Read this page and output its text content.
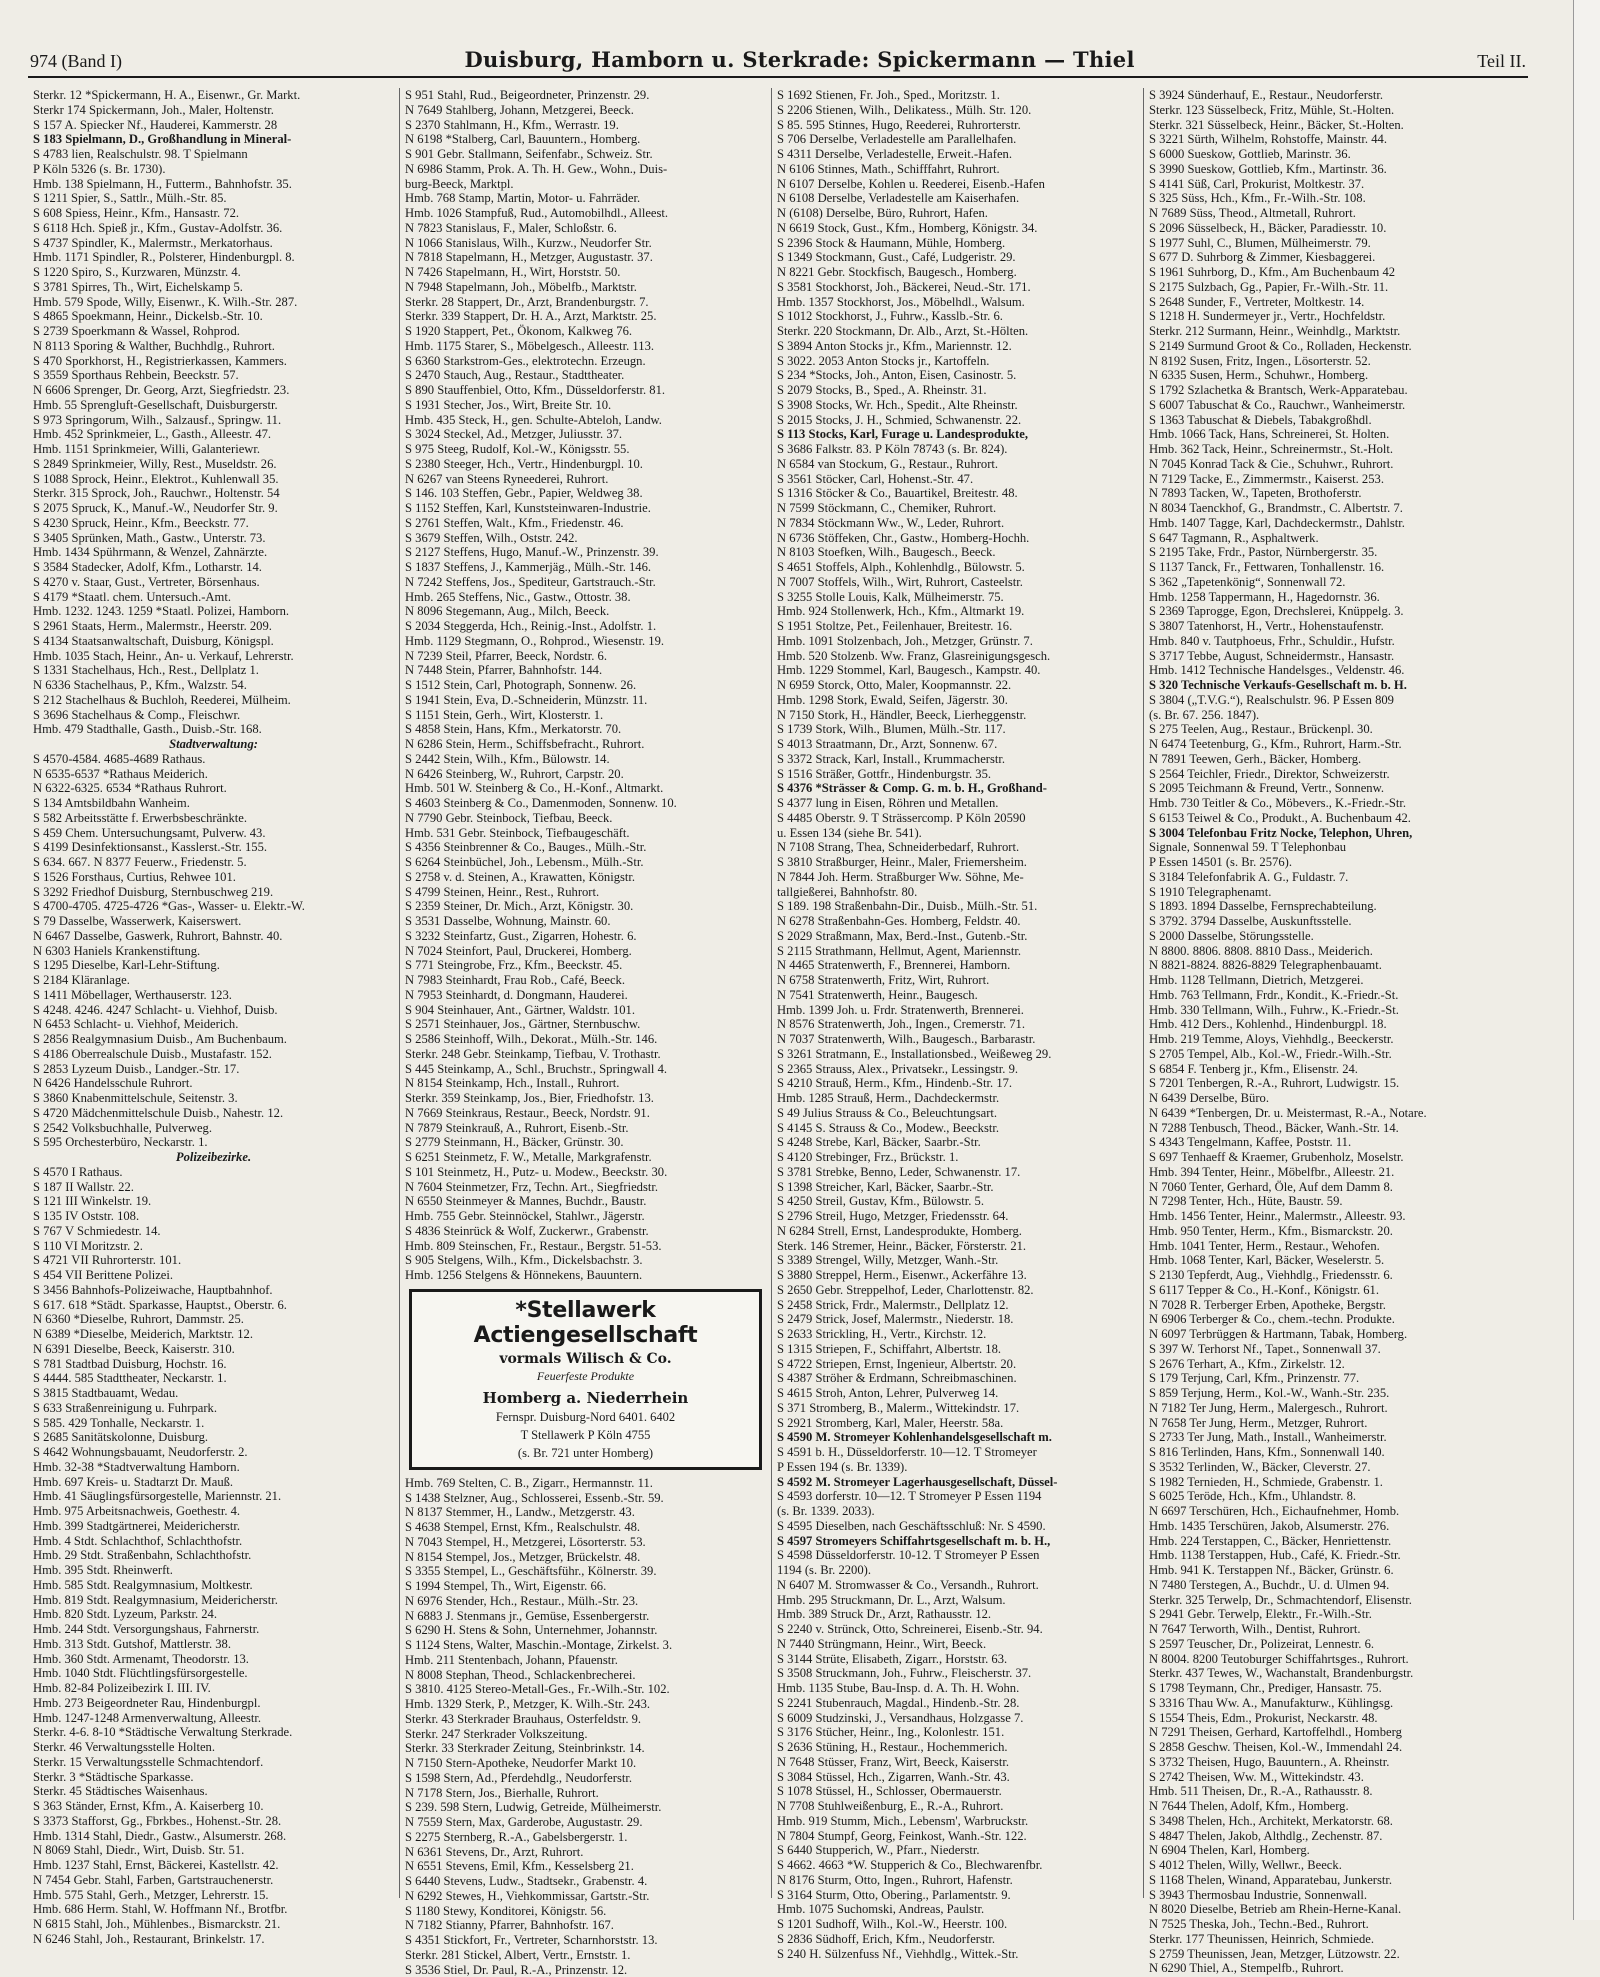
974 (Band I)	Duisburg, Hamborn u. Sterkrade: Spickermann — Thiel	Teil II.
Sterkr. 12 *Spickermann, H. A., Eisenwr., Gr. Markt.
Sterkr 174 Spickermann, Joh., Maler, Holtenstr.
S 157 A. Spiecker Nf., Hauderei, Kammerstr. 28
S 183 Spielmann, D., Großhandlung in Mineral-
S 4783 lien, Realschulstr. 98. T Spielmann
P Köln 5326 (s. Br. 1730).
Hmb. 138 Spielmann, H., Futterm., Bahnhofstr. 35.
S 1211 Spier, S., Sattlr., Mülh.-Str. 85.
S 608 Spiess, Heinr., Kfm., Hansastr. 72.
S 6118 Hch. Spieß jr., Kfm., Gustav-Adolfstr. 36.
S 4737 Spindler, K., Malermstr., Merkatorhaus.
Hmb. 1171 Spindler, R., Polsterer, Hindenburgpl. 8.
S 1220 Spiro, S., Kurzwaren, Münzstr. 4.
S 3781 Spirres, Th., Wirt, Eichelskamp 5.
Hmb. 579 Spode, Willy, Eisenwr., K. Wilh.-Str. 287.
S 4865 Spoekmann, Heinr., Dickelsb.-Str. 10.
S 2739 Spoerkmann & Wassel, Rohprod.
N 8113 Sporing & Walther, Buchhdlg., Ruhrort.
S 470 Sporkhorst, H., Registrierkassen, Kammers.
S 3559 Sporthaus Rehbein, Beeckstr. 57.
N 6606 Sprenger, Dr. Georg, Arzt, Siegfriedstr. 23.
Hmb. 55 Sprengluft-Gesellschaft, Duisburgerstr.
S 973 Springorum, Wilh., Salzausf., Springw. 11.
Hmb. 452 Sprinkmeier, L., Gasth., Alleestr. 47.
Hmb. 1151 Sprinkmeier, Willi, Galanteriewr.
S 2849 Sprinkmeier, Willy, Rest., Museldstr. 26.
S 1088 Sprock, Heinr., Elektrot., Kuhlenwall 35.
Sterkr. 315 Sprock, Joh., Rauchwr., Holtenstr. 54
S 2075 Spruck, K., Manuf.-W., Neudorfer Str. 9.
S 4230 Spruck, Heinr., Kfm., Beeckstr. 77.
S 3405 Sprünken, Math., Gastw., Unterstr. 73.
Hmb. 1434 Spührmann, & Wenzel, Zahnärzte.
S 3584 Stadecker, Adolf, Kfm., Lotharstr. 14.
S 4270 v. Staar, Gust., Vertreter, Börsenhaus.
S 4179 *Staatl. chem. Untersuch.-Amt.
Hmb. 1232. 1243. 1259 *Staatl. Polizei, Hamborn.
S 2961 Staats, Herm., Malermstr., Heerstr. 209.
S 4134 Staatsanwaltschaft, Duisburg, Königspl.
Hmb. 1035 Stach, Heinr., An- u. Verkauf, Lehrerstr.
S 1331 Stachelhaus, Hch., Rest., Dellplatz 1.
N 6336 Stachelhaus, P., Kfm., Walzstr. 54.
S 212 Stachelhaus & Buchloh, Reederei, Mülheim.
S 3696 Stachelhaus & Comp., Fleischwr.
Hmb. 479 Stadthalle, Gasth., Duisb.-Str. 168.
Stadtverwaltung:
S 4570-4584. 4685-4689 Rathaus.
N 6535-6537 *Rathaus Meiderich.
N 6322-6325. 6534 *Rathaus Ruhrort.
S 134 Amtsbildbahn Wanheim.
S 582 Arbeitsstätte f. Erwerbsbeschränkte.
S 459 Chem. Untersuchungsamt, Pulverw. 43.
S 4199 Desinfektionsanst., Kasslerst.-Str. 155.
S 634. 667. N 8377 Feuerw., Friedenstr. 5.
S 1526 Forsthaus, Curtius, Rehwee 101.
S 3292 Friedhof Duisburg, Sternbuschweg 219.
S 4700-4705. 4725-4726 *Gas-, Wasser- u. Elektr.-W.
S 79 Dasselbe, Wasserwerk, Kaiserswert.
N 6467 Dasselbe, Gaswerk, Ruhrort, Bahnstr. 40.
N 6303 Haniels Krankenstiftung.
S 1295 Dieselbe, Karl-Lehr-Stiftung.
S 2184 Kläranlage.
S 1411 Möbellager, Werthauserstr. 123.
S 4248. 4246. 4247 Schlacht- u. Viehhof, Duisb.
N 6453 Schlacht- u. Viehhof, Meiderich.
S 2856 Realgymnasium Duisb., Am Buchenbaum.
S 4186 Oberrealschule Duisb., Mustafastr. 152.
S 2853 Lyzeum Duisb., Landger.-Str. 17.
N 6426 Handelsschule Ruhrort.
S 3860 Knabenmittelschule, Seitenstr. 3.
S 4720 Mädchenmittelschule Duisb., Nahestr. 12.
S 2542 Volksbuchhalle, Pulverweg.
S 595 Orchesterbüro, Neckarstr. 1.
Polizeibezirke.
S 4570 I Rathaus.
S 187 II Wallstr. 22.
S 121 III Winkelstr. 19.
S 135 IV Oststr. 108.
S 767 V Schmiedestr. 14.
S 110 VI Moritzstr. 2.
S 4721 VII Ruhrorterstr. 101.
S 454 VII Berittene Polizei.
S 3456 Bahnhofs-Polizeiwache, Hauptbahnhof.
S 617. 618 *Städt. Sparkasse, Hauptst., Oberstr. 6.
N 6360 *Dieselbe, Ruhrort, Dammstr. 25.
N 6389 *Dieselbe, Meiderich, Marktstr. 12.
N 6391 Dieselbe, Beeck, Kaiserstr. 310.
S 781 Stadtbad Duisburg, Hochstr. 16.
S 4444. 585 Stadttheater, Neckarstr. 1.
S 3815 Stadtbauamt, Wedau.
S 633 Straßenreinigung u. Fuhrpark.
S 585. 429 Tonhalle, Neckarstr. 1.
S 2685 Sanitätskolonne, Duisburg.
S 4642 Wohnungsbauamt, Neudorferstr. 2.
Hmb. 32-38 *Stadtverwaltung Hamborn.
Hmb. 697 Kreis- u. Stadtarzt Dr. Mauß.
Hmb. 41 Säuglingsfürsorgestelle, Mariennstr. 21.
Hmb. 975 Arbeitsnachweis, Goethestr. 4.
Hmb. 399 Stadtgärtnerei, Meidericherstr.
Hmb. 4 Stdt. Schlachthof, Schlachthofstr.
Hmb. 29 Stdt. Straßenbahn, Schlachthofstr.
Hmb. 395 Stdt. Rheinwerft.
Hmb. 585 Stdt. Realgymnasium, Moltkestr.
Hmb. 819 Stdt. Realgymnasium, Meidericherstr.
Hmb. 820 Stdt. Lyzeum, Parkstr. 24.
Hmb. 244 Stdt. Versorgungshaus, Fahrnerstr.
Hmb. 313 Stdt. Gutshof, Mattlerstr. 38.
Hmb. 360 Stdt. Armenamt, Theodorstr. 13.
Hmb. 1040 Stdt. Flüchtlingsfürsorgestelle.
Hmb. 82-84 Polizeibezirk I. III. IV.
Hmb. 273 Beigeordneter Rau, Hindenburgpl.
Hmb. 1247-1248 Armenverwaltung, Alleestr.
Sterkr. 4-6. 8-10 *Städtische Verwaltung Sterkrade.
Sterkr. 46 Verwaltungsstelle Holten.
Sterkr. 15 Verwaltungsstelle Schmachtendorf.
Sterkr. 3 *Städtische Sparkasse.
Sterkr. 45 Städtisches Waisenhaus.
S 363 Ständer, Ernst, Kfm., A. Kaiserberg 10.
S 3373 Stafforst, Gg., Fbrkbes., Hohenst.-Str. 28.
Hmb. 1314 Stahl, Diedr., Gastw., Alsumerstr. 268.
N 8069 Stahl, Diedr., Wirt, Duisb. Str. 51.
Hmb. 1237 Stahl, Ernst, Bäckerei, Kastellstr. 42.
N 7454 Gebr. Stahl, Farben, Gartstrauchenerstr.
Hmb. 575 Stahl, Gerh., Metzger, Lehrerstr. 15.
Hmb. 686 Herm. Stahl, W. Hoffmann Nf., Brotfbr.
N 6815 Stahl, Joh., Mühlenbes., Bismarckstr. 21.
N 6246 Stahl, Joh., Restaurant, Brinkelstr. 17.
S 951 Stahl, Rud., Beigeordneter, Prinzenstr. 29.
N 7649 Stahlberg, Johann, Metzgerei, Beeck.
S 2370 Stahlmann, H., Kfm., Werrastr. 19.
N 6198 *Stalberg, Carl, Bauuntern., Homberg.
S 901 Gebr. Stallmann, Seifenfabr., Schweiz. Str.
N 6986 Stamm, Prok. A. Th. H. Gew., Wohn., Duis-
burg-Beeck, Marktpl.
Hmb. 768 Stamp, Martin, Motor- u. Fahrräder.
Hmb. 1026 Stampfuß, Rud., Automobilhdl., Alleest.
N 7823 Stanislaus, F., Maler, Schloßstr. 6.
N 1066 Stanislaus, Wilh., Kurzw., Neudorfer Str.
N 7818 Stapelmann, H., Metzger, Augustastr. 37.
N 7426 Stapelmann, H., Wirt, Horststr. 50.
N 7948 Stapelmann, Joh., Möbelfb., Marktstr.
Sterkr. 28 Stappert, Dr., Arzt, Brandenburgstr. 7.
Sterkr. 339 Stappert, Dr. H. A., Arzt, Marktstr. 25.
S 1920 Stappert, Pet., Ökonom, Kalkweg 76.
Hmb. 1175 Starer, S., Möbelgesch., Alleestr. 113.
S 6360 Starkstrom-Ges., elektrotechn. Erzeugn.
S 2470 Stauch, Aug., Restaur., Stadttheater.
S 890 Stauffenbiel, Otto, Kfm., Düsseldorferstr. 81.
S 1931 Stecher, Jos., Wirt, Breite Str. 10.
Hmb. 435 Steck, H., gen. Schulte-Abteloh, Landw.
S 3024 Steckel, Ad., Metzger, Juliusstr. 37.
S 975 Steeg, Rudolf, Kol.-W., Königsstr. 55.
S 2380 Steeger, Hch., Vertr., Hindenburgpl. 10.
N 6267 van Steens Ryneederei, Ruhrort.
S 146. 103 Steffen, Gebr., Papier, Weldweg 38.
S 1152 Steffen, Karl, Kunststeinwaren-Industrie.
S 2761 Steffen, Walt., Kfm., Friedenstr. 46.
S 3679 Steffen, Wilh., Oststr. 242.
S 2127 Steffens, Hugo, Manuf.-W., Prinzenstr. 39.
S 1837 Steffens, J., Kammerjäg., Mülh.-Str. 146.
N 7242 Steffens, Jos., Spediteur, Gartstrauch.-Str.
Hmb. 265 Steffens, Nic., Gastw., Ottostr. 38.
N 8096 Stegemann, Aug., Milch, Beeck.
S 2034 Steggerda, Hch., Reinig.-Inst., Adolfstr. 1.
Hmb. 1129 Stegmann, O., Rohprod., Wiesenstr. 19.
N 7239 Steil, Pfarrer, Beeck, Nordstr. 6.
N 7448 Stein, Pfarrer, Bahnhofstr. 144.
S 1512 Stein, Carl, Photograph, Sonnenw. 26.
S 1941 Stein, Eva, D.-Schneiderin, Münzstr. 11.
S 1151 Stein, Gerh., Wirt, Klosterstr. 1.
S 4858 Stein, Hans, Kfm., Merkatorstr. 70.
N 6286 Stein, Herm., Schiffsbefracht., Ruhrort.
S 2442 Stein, Wilh., Kfm., Bülowstr. 14.
N 6426 Steinberg, W., Ruhrort, Carpstr. 20.
Hmb. 501 W. Steinberg & Co., H.-Konf., Altmarkt.
S 4603 Steinberg & Co., Damenmoden, Sonnenw. 10.
N 7790 Gebr. Steinbock, Tiefbau, Beeck.
Hmb. 531 Gebr. Steinbock, Tiefbaugeschäft.
S 4356 Steinbrenner & Co., Bauges., Mülh.-Str.
S 6264 Steinbüchel, Joh., Lebensm., Mülh.-Str.
S 2758 v. d. Steinen, A., Krawatten, Königstr.
S 4799 Steinen, Heinr., Rest., Ruhrort.
S 2359 Steiner, Dr. Mich., Arzt, Königstr. 30.
S 3531 Dasselbe, Wohnung, Mainstr. 60.
S 3232 Steinfartz, Gust., Zigarren, Hohestr. 6.
N 7024 Steinfort, Paul, Druckerei, Homberg.
S 771 Steingrobe, Frz., Kfm., Beeckstr. 45.
N 7983 Steinhardt, Frau Rob., Café, Beeck.
N 7953 Steinhardt, d. Dongmann, Hauderei.
S 904 Steinhauer, Ant., Gärtner, Waldstr. 101.
S 2571 Steinhauer, Jos., Gärtner, Sternbuschw.
S 2586 Steinhoff, Wilh., Dekorat., Mülh.-Str. 146.
Sterkr. 248 Gebr. Steinkamp, Tiefbau, V. Trothastr.
S 445 Steinkamp, A., Schl., Bruchstr., Springwall 4.
N 8154 Steinkamp, Hch., Install., Ruhrort.
Sterkr. 359 Steinkamp, Jos., Bier, Friedhofstr. 13.
N 7669 Steinkraus, Restaur., Beeck, Nordstr. 91.
N 7879 Steinkrauß, A., Ruhrort, Eisenb.-Str.
S 2779 Steinmann, H., Bäcker, Grünstr. 30.
S 6251 Steinmetz, F. W., Metalle, Markgrafenstr.
S 101 Steinmetz, H., Putz- u. Modew., Beeckstr. 30.
N 7604 Steinmetzer, Frz, Techn. Art., Siegfriedstr.
N 6550 Steinmeyer & Mannes, Buchdr., Baustr.
Hmb. 755 Gebr. Steinnöckel, Stahlwr., Jägerstr.
S 4836 Steinrück & Wolf, Zuckerwr., Grabenstr.
Hmb. 809 Steinschen, Fr., Restaur., Bergstr. 51-53.
S 905 Stelgens, Wilh., Kfm., Dickelsbachstr. 3.
Hmb. 1256 Stelgens & Hönnekens, Bauuntern.
*Stellawerk Actiengesellschaft
vormals Wilisch & Co.
Feuerfeste Produkte
Homberg a. Niederrhein
Fernspr. Duisburg-Nord 6401. 6402
T Stellawerk P Köln 4755
(s. Br. 721 unter Homberg)
Hmb. 769 Stelten, C. B., Zigarr., Hermannstr. 11.
S 1438 Stelzner, Aug., Schlosserei, Essenb.-Str. 59.
N 8137 Stemmer, H., Landw., Metzgerstr. 43.
S 4638 Stempel, Ernst, Kfm., Realschulstr. 48.
N 7043 Stempel, H., Metzgerei, Lösorterstr. 53.
N 8154 Stempel, Jos., Metzger, Brückelstr. 48.
S 3355 Stempel, L., Geschäftsführ., Kölnerstr. 39.
S 1994 Stempel, Th., Wirt, Eigenstr. 66.
N 6976 Stender, Hch., Restaur., Mülh.-Str. 23.
N 6883 J. Stenmans jr., Gemüse, Essenbergerstr.
S 6290 H. Stens & Sohn, Unternehmer, Johannstr.
S 1124 Stens, Walter, Maschin.-Montage, Zirkelst. 3.
Hmb. 211 Stentenbach, Johann, Pfauenstr.
N 8008 Stephan, Theod., Schlackenbrecherei.
S 3810. 4125 Stereo-Metall-Ges., Fr.-Wilh.-Str. 102.
Hmb. 1329 Sterk, P., Metzger, K. Wilh.-Str. 243.
Sterkr. 43 Sterkrader Brauhaus, Osterfeldstr. 9.
Sterkr. 247 Sterkrader Volkszeitung.
Sterkr. 33 Sterkrader Zeitung, Steinbrinkstr. 14.
N 7150 Stern-Apotheke, Neudorfer Markt 10.
S 1598 Stern, Ad., Pferdehdlg., Neudorferstr.
N 7178 Stern, Jos., Bierhalle, Ruhrort.
S 239. 598 Stern, Ludwig, Getreide, Mülheimerstr.
N 7559 Stern, Max, Garderobe, Augustastr. 29.
S 2275 Sternberg, R.-A., Gabelsbergerstr. 1.
N 6361 Stevens, Dr., Arzt, Ruhrort.
N 6551 Stevens, Emil, Kfm., Kesselsberg 21.
S 6440 Stevens, Ludw., Stadtsekr., Grabenstr. 4.
N 6292 Stewes, H., Viehkommissar, Gartstr.-Str.
S 1180 Stewy, Konditorei, Königstr. 56.
N 7182 Stianny, Pfarrer, Bahnhofstr. 167.
S 4351 Stickfort, Fr., Vertreter, Scharnhorststr. 13.
Sterkr. 281 Stickel, Albert, Vertr., Ernststr. 1.
S 3536 Stiel, Dr. Paul, R.-A., Prinzenstr. 12.
S 1692 Stienen, Fr. Joh., Sped., Moritzstr. 1.
S 2206 Stienen, Wilh., Delikatess., Mülh. Str. 120.
S 85. 595 Stinnes, Hugo, Reederei, Ruhrorterstr.
S 706 Derselbe, Verladestelle am Parallelhafen.
S 4311 Derselbe, Verladestelle, Erweit.-Hafen.
N 6106 Stinnes, Math., Schifffahrt, Ruhrort.
N 6107 Derselbe, Kohlen u. Reederei, Eisenb.-Hafen
N 6108 Derselbe, Verladestelle am Kaiserhafen.
N (6108) Derselbe, Büro, Ruhrort, Hafen.
N 6619 Stock, Gust., Kfm., Homberg, Königstr. 34.
S 2396 Stock & Haumann, Mühle, Homberg.
S 1349 Stockmann, Gust., Café, Ludgeristr. 29.
N 8221 Gebr. Stockfisch, Baugesch., Homberg.
S 3581 Stockhorst, Joh., Bäckerei, Neud.-Str. 171.
Hmb. 1357 Stockhorst, Jos., Möbelhdl., Walsum.
S 1012 Stockhorst, J., Fuhrw., Kasslb.-Str. 6.
Sterkr. 220 Stockmann, Dr. Alb., Arzt, St.-Hölten.
S 3894 Anton Stocks jr., Kfm., Mariennstr. 12.
S 3022. 2053 Anton Stocks jr., Kartoffeln.
S 234 *Stocks, Joh., Anton, Eisen, Casinostr. 5.
S 2079 Stocks, B., Sped., A. Rheinstr. 31.
S 3908 Stocks, Wr. Hch., Spedit., Alte Rheinstr.
S 2015 Stocks, J. H., Schmied, Schwanenstr. 22.
S 113 Stocks, Karl, Furage u. Landesprodukte,
S 3686 Falkstr. 83. P Köln 78743 (s. Br. 824).
N 6584 van Stockum, G., Restaur., Ruhrort.
S 3561 Stöcker, Carl, Hohenst.-Str. 47.
S 1316 Stöcker & Co., Bauartikel, Breitestr. 48.
N 7599 Stöckmann, C., Chemiker, Ruhrort.
N 7834 Stöckmann Ww., W., Leder, Ruhrort.
N 6736 Stöffeken, Chr., Gastw., Homberg-Hochh.
N 8103 Stoefken, Wilh., Baugesch., Beeck.
S 4651 Stoffels, Alph., Kohlenhdlg., Bülowstr. 5.
N 7007 Stoffels, Wilh., Wirt, Ruhrort, Casteelstr.
S 3255 Stolle Louis, Kalk, Mülheimerstr. 75.
Hmb. 924 Stollenwerk, Hch., Kfm., Altmarkt 19.
S 1951 Stoltze, Pet., Feilenhauer, Breitestr. 16.
Hmb. 1091 Stolzenbach, Joh., Metzger, Grünstr. 7.
Hmb. 520 Stolzenb. Ww. Franz, Glasreinigungsgesch.
Hmb. 1229 Stommel, Karl, Baugesch., Kampstr. 40.
N 6959 Storck, Otto, Maler, Koopmannstr. 22.
Hmb. 1298 Stork, Ewald, Seifen, Jägerstr. 30.
N 7150 Stork, H., Händler, Beeck, Lierheggenstr.
S 1739 Stork, Wilh., Blumen, Mülh.-Str. 117.
S 4013 Straatmann, Dr., Arzt, Sonnenw. 67.
S 3372 Strack, Karl, Install., Krummacherstr.
S 1516 Sträßer, Gottfr., Hindenburgstr. 35.
S 4376 *Strässer & Comp. G. m. b. H., Großhand-
S 4377 lung in Eisen, Röhren und Metallen.
S 4485 Oberstr. 9. T Strässercomp. P Köln 20590
u. Essen 134 (siehe Br. 541).
N 7108 Strang, Thea, Schneiderbedarf, Ruhrort.
S 3810 Straßburger, Heinr., Maler, Friemersheim.
N 7844 Joh. Herm. Straßburger Ww. Söhne, Me-
tallgießerei, Bahnhofstr. 80.
S 189. 198 Straßenbahn-Dir., Duisb., Mülh.-Str. 51.
N 6278 Straßenbahn-Ges. Homberg, Feldstr. 40.
S 2029 Straßmann, Max, Berd.-Inst., Gutenb.-Str.
S 2115 Strathmann, Hellmut, Agent, Mariennstr.
N 4465 Stratenwerth, F., Brennerei, Hamborn.
N 6758 Stratenwerth, Fritz, Wirt, Ruhrort.
N 7541 Stratenwerth, Heinr., Baugesch.
Hmb. 1399 Joh. u. Frdr. Stratenwerth, Brennerei.
N 8576 Stratenwerth, Joh., Ingen., Cremerstr. 71.
N 7037 Stratenwerth, Wilh., Baugesch., Barbarastr.
S 3261 Stratmann, E., Installationsbed., Weißeweg 29.
S 2365 Strauss, Alex., Privatsekr., Lessingstr. 9.
S 4210 Strauß, Herm., Kfm., Hindenb.-Str. 17.
Hmb. 1285 Strauß, Herm., Dachdeckermstr.
S 49 Julius Strauss & Co., Beleuchtungsart.
S 4145 S. Strauss & Co., Modew., Beeckstr.
S 4248 Strebe, Karl, Bäcker, Saarbr.-Str.
S 4120 Strebinger, Frz., Brückstr. 1.
S 3781 Strebke, Benno, Leder, Schwanenstr. 17.
S 1398 Streicher, Karl, Bäcker, Saarbr.-Str.
S 4250 Streil, Gustav, Kfm., Bülowstr. 5.
S 2796 Streil, Hugo, Metzger, Friedensstr. 64.
N 6284 Strell, Ernst, Landesprodukte, Homberg.
Sterk. 146 Stremer, Heinr., Bäcker, Försterstr. 21.
S 3389 Strengel, Willy, Metzger, Wanh.-Str.
S 3880 Streppel, Herm., Eisenwr., Ackerfähre 13.
S 2650 Gebr. Streppelhof, Leder, Charlottenstr. 82.
S 2458 Strick, Frdr., Malermstr., Dellplatz 12.
S 2479 Strick, Josef, Malermstr., Niederstr. 18.
S 2633 Strickling, H., Vertr., Kirchstr. 12.
S 1315 Striepen, F., Schiffahrt, Albertstr. 18.
S 4722 Striepen, Ernst, Ingenieur, Albertstr. 20.
S 4387 Ströher & Erdmann, Schreibmaschinen.
S 4615 Stroh, Anton, Lehrer, Pulverweg 14.
S 371 Stromberg, B., Malerm., Wittekindstr. 17.
S 2921 Stromberg, Karl, Maler, Heerstr. 58a.
S 4590 M. Stromeyer Kohlenhandelsgesellschaft m.
S 4591 b. H., Düsseldorferstr. 10—12. T Stromeyer
P Essen 194 (s. Br. 1339).
S 4592 M. Stromeyer Lagerhausgesellschaft, Düssel-
S 4593 dorferstr. 10—12. T Stromeyer P Essen 1194
(s. Br. 1339. 2033).
S 4595 Dieselben, nach Geschäftsschluß: Nr. S 4590.
S 4597 Stromeyers Schiffahrtsgesellschaft m. b. H.,
S 4598 Düsseldorferstr. 10-12. T Stromeyer P Essen
1194 (s. Br. 2200).
N 6407 M. Stromwasser & Co., Versandh., Ruhrort.
Hmb. 295 Struckmann, Dr. L., Arzt, Walsum.
Hmb. 389 Struck Dr., Arzt, Rathausstr. 12.
S 2240 v. Strünck, Otto, Schreinerei, Eisenb.-Str. 94.
N 7440 Strüngmann, Heinr., Wirt, Beeck.
S 3144 Strüte, Elisabeth, Zigarr., Horststr. 63.
S 3508 Struckmann, Joh., Fuhrw., Fleischerstr. 37.
Hmb. 1135 Stube, Bau-Insp. d. A. Th. H. Wohn.
S 2241 Stubenrauch, Magdal., Hindenb.-Str. 28.
S 6009 Studzinski, J., Versandhaus, Holzgasse 7.
S 3176 Stücher, Heinr., Ing., Kolonlestr. 151.
S 2636 Stüning, H., Restaur., Hochemmerich.
N 7648 Stüsser, Franz, Wirt, Beeck, Kaiserstr.
S 3084 Stüssel, Hch., Zigarren, Wanh.-Str. 43.
S 1078 Stüssel, H., Schlosser, Obermauerstr.
N 7708 Stuhlweißenburg, E., R.-A., Ruhrort.
Hmb. 919 Stumm, Mich., Lebensm', Warbruckstr.
N 7804 Stumpf, Georg, Feinkost, Wanh.-Str. 122.
S 6440 Stupperich, W., Pfarr., Niederstr.
S 4662. 4663 *W. Stupperich & Co., Blechwarenfbr.
N 8176 Sturm, Otto, Ingen., Ruhrort, Hafenstr.
S 3164 Sturm, Otto, Obering., Parlamentstr. 9.
Hmb. 1075 Suchomski, Andreas, Paulstr.
S 1201 Sudhoff, Wilh., Kol.-W., Heerstr. 100.
S 2836 Südhoff, Erich, Kfm., Neudorferstr.
S 240 H. Sülzenfuss Nf., Viehhdlg., Wittek.-Str.
S 3924 Sünderhauf, E., Restaur., Neudorferstr.
Sterkr. 123 Süsselbeck, Fritz, Mühle, St.-Holten.
Sterkr. 321 Süsselbeck, Heinr., Bäcker, St.-Holten.
S 3221 Sürth, Wilhelm, Rohstoffe, Mainstr. 44.
S 6000 Sueskow, Gottlieb, Marinstr. 36.
S 3990 Sueskow, Gottlieb, Kfm., Martinstr. 36.
S 4141 Süß, Carl, Prokurist, Moltkestr. 37.
S 325 Süss, Hch., Kfm., Fr.-Wilh.-Str. 108.
N 7689 Süss, Theod., Altmetall, Ruhrort.
S 2096 Süsselbeck, H., Bäcker, Paradiesstr. 10.
S 1977 Suhl, C., Blumen, Mülheimerstr. 79.
S 677 D. Suhrborg & Zimmer, Kiesbaggerei.
S 1961 Suhrborg, D., Kfm., Am Buchenbaum 42
S 2175 Sulzbach, Gg., Papier, Fr.-Wilh.-Str. 11.
S 2648 Sunder, F., Vertreter, Moltkestr. 14.
S 1218 H. Sundermeyer jr., Vertr., Hochfeldstr.
Sterkr. 212 Surmann, Heinr., Weinhdlg., Marktstr.
S 2149 Surmund Groot & Co., Rolladen, Heckenstr.
N 8192 Susen, Fritz, Ingen., Lösorterstr. 52.
N 6335 Susen, Herm., Schuhwr., Homberg.
S 1792 Szlachetka & Brantsch, Werk-Apparatebau.
S 6007 Tabuschat & Co., Rauchwr., Wanheimerstr.
S 1363 Tabuschat & Diebels, Tabakgroßhdl.
Hmb. 1066 Tack, Hans, Schreinerei, St. Holten.
Hmb. 362 Tack, Heinr., Schreinermstr., St.-Holt.
N 7045 Konrad Tack & Cie., Schuhwr., Ruhrort.
N 7129 Tacke, E., Zimmermstr., Kaiserst. 253.
N 7893 Tacken, W., Tapeten, Brothoferstr.
N 8034 Taenckhof, G., Brandmstr., C. Albertstr. 7.
Hmb. 1407 Tagge, Karl, Dachdeckermstr., Dahlstr.
S 647 Tagmann, R., Asphaltwerk.
S 2195 Take, Frdr., Pastor, Nürnbergerstr. 35.
S 1137 Tanck, Fr., Fettwaren, Tonhallenstr. 16.
S 362 „Tapetenkönig“, Sonnenwall 72.
Hmb. 1258 Tappermann, H., Hagedornstr. 36.
S 2369 Taprogge, Egon, Drechslerei, Knüppelg. 3.
S 3807 Tatenhorst, H., Vertr., Hohenstaufenstr.
Hmb. 840 v. Tautphoeus, Frhr., Schuldir., Hufstr.
S 3717 Tebbe, August, Schneidermstr., Hansastr.
Hmb. 1412 Technische Handelsges., Veldenstr. 46.
S 320 Technische Verkaufs-Gesellschaft m. b. H.
S 3804 („T.V.G.“), Realschulstr. 96. P Essen 809
(s. Br. 67. 256. 1847).
S 275 Teelen, Aug., Restaur., Brückenpl. 30.
N 6474 Teetenburg, G., Kfm., Ruhrort, Harm.-Str.
N 7891 Teewen, Gerh., Bäcker, Homberg.
S 2564 Teichler, Friedr., Direktor, Schweizerstr.
S 2095 Teichmann & Freund, Vertr., Sonnenw.
Hmb. 730 Teitler & Co., Möbevers., K.-Friedr.-Str.
S 6153 Teiwel & Co., Produkt., A. Buchenbaum 42.
S 3004 Telefonbau Fritz Nocke, Telephon, Uhren,
Signale, Sonnenwal 59. T Telephonbau
P Essen 14501 (s. Br. 2576).
S 3184 Telefonfabrik A. G., Fuldastr. 7.
S 1910 Telegraphenamt.
S 1893. 1894 Dasselbe, Fernsprechabteilung.
S 3792. 3794 Dasselbe, Auskunftsstelle.
S 2000 Dasselbe, Störungsstelle.
N 8800. 8806. 8808. 8810 Dass., Meiderich.
N 8821-8824. 8826-8829 Telegraphenbauamt.
Hmb. 1128 Tellmann, Dietrich, Metzgerei.
Hmb. 763 Tellmann, Frdr., Kondit., K.-Friedr.-St.
Hmb. 330 Tellmann, Wilh., Fuhrw., K.-Friedr.-St.
Hmb. 412 Ders., Kohlenhd., Hindenburgpl. 18.
Hmb. 219 Temme, Aloys, Viehhdlg., Beeckerstr.
S 2705 Tempel, Alb., Kol.-W., Friedr.-Wilh.-Str.
S 6854 F. Tenberg jr., Kfm., Elisenstr. 24.
S 7201 Tenbergen, R.-A., Ruhrort, Ludwigstr. 15.
N 6439 Derselbe, Büro.
N 6439 *Tenbergen, Dr. u. Meistermast, R.-A., Notare.
N 7288 Tenbusch, Theod., Bäcker, Wanh.-Str. 14.
S 4343 Tengelmann, Kaffee, Poststr. 11.
S 697 Tenhaeff & Kraemer, Grubenholz, Moselstr.
Hmb. 394 Tenter, Heinr., Möbelfbr., Alleestr. 21.
N 7060 Tenter, Gerhard, Öle, Auf dem Damm 8.
N 7298 Tenter, Hch., Hüte, Baustr. 59.
Hmb. 1456 Tenter, Heinr., Malermstr., Alleestr. 93.
Hmb. 950 Tenter, Herm., Kfm., Bismarckstr. 20.
Hmb. 1041 Tenter, Herm., Restaur., Wehofen.
Hmb. 1068 Tenter, Karl, Bäcker, Weselerstr. 5.
S 2130 Tepferdt, Aug., Viehhdlg., Friedensstr. 6.
S 6117 Tepper & Co., H.-Konf., Königstr. 61.
N 7028 R. Terberger Erben, Apotheke, Bergstr.
N 6906 Terberger & Co., chem.-techn. Produkte.
N 6097 Terbrüggen & Hartmann, Tabak, Homberg.
S 397 W. Terhorst Nf., Tapet., Sonnenwall 37.
S 2676 Terhart, A., Kfm., Zirkelstr. 12.
S 179 Terjung, Carl, Kfm., Prinzenstr. 77.
S 859 Terjung, Herm., Kol.-W., Wanh.-Str. 235.
N 7182 Ter Jung, Herm., Malergesch., Ruhrort.
N 7658 Ter Jung, Herm., Metzger, Ruhrort.
S 2733 Ter Jung, Math., Install., Wanheimerstr.
S 816 Terlinden, Hans, Kfm., Sonnenwall 140.
S 3532 Terlinden, W., Bäcker, Cleverstr. 27.
S 1982 Ternieden, H., Schmiede, Grabenstr. 1.
S 6025 Teröde, Hch., Kfm., Uhlandstr. 8.
N 6697 Terschüren, Hch., Eichaufnehmer, Homb.
Hmb. 1435 Terschüren, Jakob, Alsumerstr. 276.
Hmb. 224 Terstappen, C., Bäcker, Henriettenstr.
Hmb. 1138 Terstappen, Hub., Café, K. Friedr.-Str.
Hmb. 941 K. Terstappen Nf., Bäcker, Grünstr. 6.
N 7480 Terstegen, A., Buchdr., U. d. Ulmen 94.
Sterkr. 325 Terwelp, Dr., Schmachtendorf, Elisenstr.
S 2941 Gebr. Terwelp, Elektr., Fr.-Wilh.-Str.
N 7647 Terworth, Wilh., Dentist, Ruhrort.
S 2597 Teuscher, Dr., Polizeirat, Lennestr. 6.
N 8004. 8200 Teutoburger Schiffahrtsges., Ruhrort.
Sterkr. 437 Tewes, W., Wachanstalt, Brandenburgstr.
S 1798 Teymann, Chr., Prediger, Hansastr. 75.
S 3316 Thau Ww. A., Manufakturw., Kühlingsg.
S 1554 Theis, Edm., Prokurist, Neckarstr. 48.
N 7291 Theisen, Gerhard, Kartoffelhdl., Homberg
S 2858 Geschw. Theisen, Kol.-W., Immendahl 24.
S 3732 Theisen, Hugo, Bauuntern., A. Rheinstr.
S 2742 Theisen, Ww. M., Wittekindstr. 43.
Hmb. 511 Theisen, Dr., R.-A., Rathausstr. 8.
N 7644 Thelen, Adolf, Kfm., Homberg.
S 3498 Thelen, Hch., Architekt, Merkatorstr. 68.
S 4847 Thelen, Jakob, Althdlg., Zechenstr. 87.
N 6904 Thelen, Karl, Homberg.
S 4012 Thelen, Willy, Wellwr., Beeck.
S 1168 Thelen, Winand, Apparatebau, Junkerstr.
S 3943 Thermosbau Industrie, Sonnenwall.
N 8020 Dieselbe, Betrieb am Rhein-Herne-Kanal.
N 7525 Theska, Joh., Techn.-Bed., Ruhrort.
Sterkr. 177 Theunissen, Heinrich, Schmiede.
S 2759 Theunissen, Jean, Metzger, Lützowstr. 22.
N 6290 Thiel, A., Stempelfb., Ruhrort.
